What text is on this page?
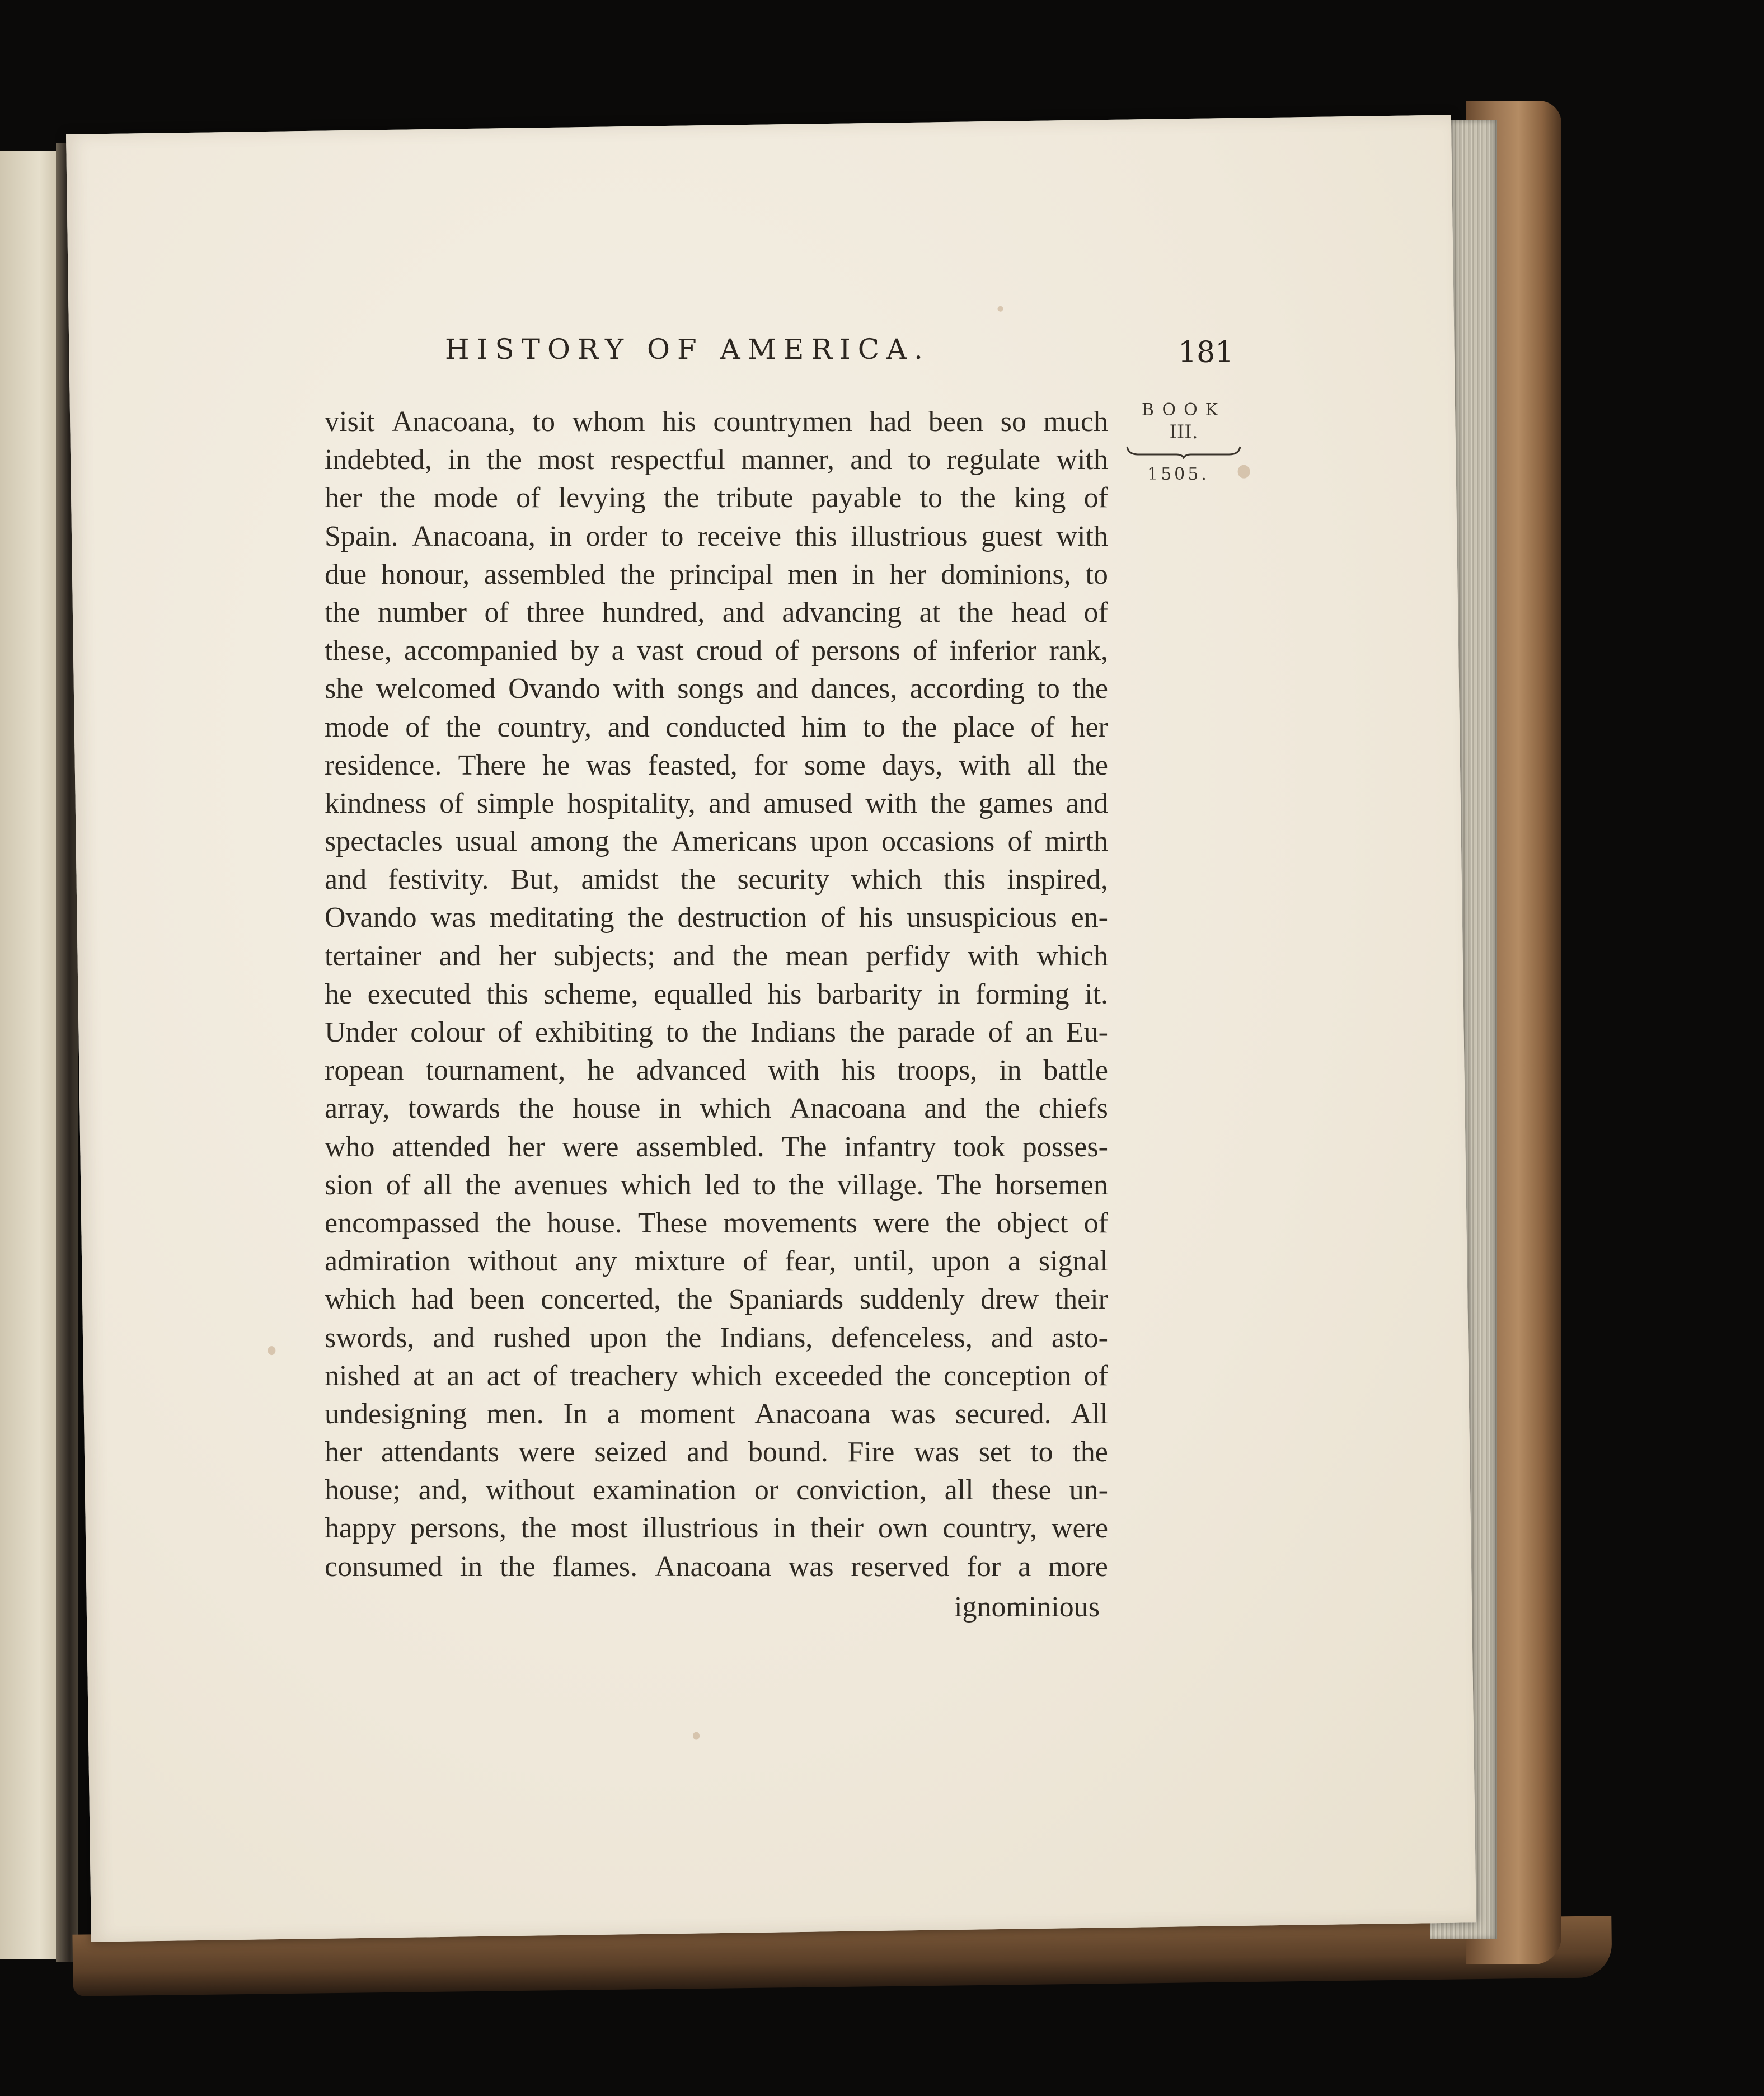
HISTORY OF AMERICA.	181
BOOK
III.
1505.
visit Anacoana, to whom his countrymen had been so much
indebted, in the most respectful manner, and to regulate with
her the mode of levying the tribute payable to the king of
Spain. Anacoana, in order to receive this illustrious guest with
due honour, assembled the principal men in her dominions, to
the number of three hundred, and advancing at the head of
these, accompanied by a vast croud of persons of inferior rank,
she welcomed Ovando with songs and dances, according to the
mode of the country, and conducted him to the place of her
residence. There he was feasted, for some days, with all the
kindness of simple hospitality, and amused with the games and
spectacles usual among the Americans upon occasions of mirth
and festivity. But, amidst the security which this inspired,
Ovando was meditating the destruction of his unsuspicious en-
tertainer and her subjects; and the mean perfidy with which
he executed this scheme, equalled his barbarity in forming it.
Under colour of exhibiting to the Indians the parade of an Eu-
ropean tournament, he advanced with his troops, in battle
array, towards the house in which Anacoana and the chiefs
who attended her were assembled. The infantry took posses-
sion of all the avenues which led to the village. The horsemen
encompassed the house. These movements were the object of
admiration without any mixture of fear, until, upon a signal
which had been concerted, the Spaniards suddenly drew their
swords, and rushed upon the Indians, defenceless, and asto-
nished at an act of treachery which exceeded the conception of
undesigning men. In a moment Anacoana was secured. All
her attendants were seized and bound. Fire was set to the
house; and, without examination or conviction, all these un-
happy persons, the most illustrious in their own country, were
consumed in the flames. Anacoana was reserved for a more
ignominious
